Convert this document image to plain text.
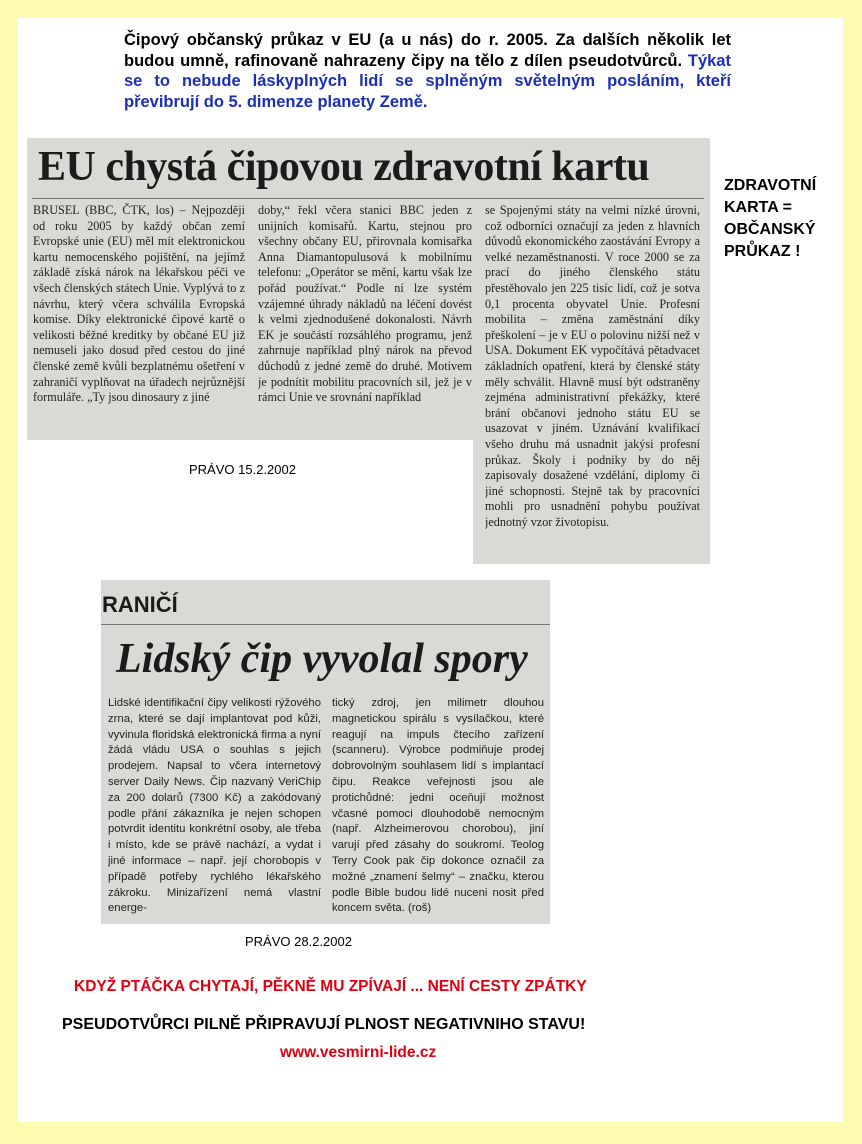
Čipový občanský průkaz v EU (a u nás) do r. 2005. Za dalších několik let budou umně, rafinovaně nahrazeny čipy na tělo z dílen pseudotvůrců. Týkat se to nebude láskyplných lidí se splněným světelným posláním, kteří převibrují do 5. dimenze planety Země.
ZDRAVOTNÍ
KARTA =
OBČANSKÝ
PRŮKAZ !
EU chystá čipovou zdravotní kartu
BRUSEL (BBC, ČTK, los) – Nejpozději od roku 2005 by každý občan zemí Evropské unie (EU) měl mít elektronickou kartu nemocenského pojištění, na jejímž základě získá nárok na lékařskou péči ve všech členských státech Unie. Vyplývá to z návrhu, který včera schválila Evropská komise. Díky elektronické čipové kartě o velikosti běžné kreditky by občané EU již nemuseli jako dosud před cestou do jiné členské země kvůli bezplatnému ošetření v zahraničí vyplňovat na úřadech nejrůznější formuláře. „Ty jsou dinosaury z jiné
doby,“ řekl včera stanici BBC jeden z unijních komisařů. Kartu, stejnou pro všechny občany EU, přirovnala komisařka Anna Diamantopulusová k mobilnímu telefonu: „Operátor se mění, kartu však lze pořád používat.“ Podle ní lze systém vzájemné úhrady nákladů na léčení dovést k velmi zjednodušené dokonalosti. Návrh EK je součástí rozsáhlého programu, jenž zahrnuje například plný nárok na převod důchodů z jedné země do druhé. Motivem je podnítit mobilitu pracovních sil, jež je v rámci Unie ve srovnání například
se Spojenými státy na velmi nízké úrovni, což odborníci označují za jeden z hlavních důvodů ekonomického zaostávání Evropy a velké nezaměstnanosti. V roce 2000 se za prací do jiného členského státu přestěhovalo jen 225 tisíc lidí, což je sotva 0,1 procenta obyvatel Unie. Profesní mobilita – změna zaměstnání díky přeškolení – je v EU o polovinu nižší než v USA. Dokument EK vypočítává pětadvacet základních opatření, která by členské státy měly schválit. Hlavně musí být odstraněny zejména administrativní překážky, které brání občanovi jednoho státu EU se usazovat v jiném. Uznávání kvalifikací všeho druhu má usnadnit jakýsi profesní průkaz. Školy i podniky by do něj zapisovaly dosažené vzdělání, diplomy či jiné schopnosti. Stejně tak by pracovníci mohli pro usnadnění pohybu používat jednotný vzor životopisu.
PRÁVO 15.2.2002
RANIČÍ
Lidský čip vyvolal spory
Lidské identifikační čipy velikosti rýžového zrna, které se dají implantovat pod kůži, vyvinula floridská elektronická firma a nyní žádá vládu USA o souhlas s jejich prodejem. Napsal to včera internetový server Daily News. Čip nazvaný VeriChip za 200 dolarů (7300 Kč) a zakódovaný podle přání zákazníka je nejen schopen potvrdit identitu konkrétní osoby, ale třeba i místo, kde se právě nachází, a vydat i jiné informace – např. její chorobopis v případě potřeby rychlého lékařského zákroku. Minizařízení nemá vlastní energe-
tický zdroj, jen milimetr dlouhou magnetickou spirálu s vysílačkou, které reagují na impuls čtecího zařízení (scanneru). Výrobce podmiňuje prodej dobrovolným souhlasem lidí s implantací čipu. Reakce veřejnosti jsou ale protichůdné: jedni oceňují možnost včasné pomoci dlouhodobě nemocným (např. Alzheimerovou chorobou), jiní varují před zásahy do soukromí. Teolog Terry Cook pak čip dokonce označil za možné „znamení šelmy“ – značku, kterou podle Bible budou lidé nuceni nosit před koncem světa. (roš)
PRÁVO 28.2.2002
KDYŽ PTÁČKA CHYTAJÍ, PĚKNĚ MU ZPÍVAJÍ ... NENÍ CESTY ZPÁTKY
PSEUDOTVŮRCI PILNĚ PŘIPRAVUJÍ PLNOST NEGATIVNIHO STAVU!
www.vesmirni-lide.cz
